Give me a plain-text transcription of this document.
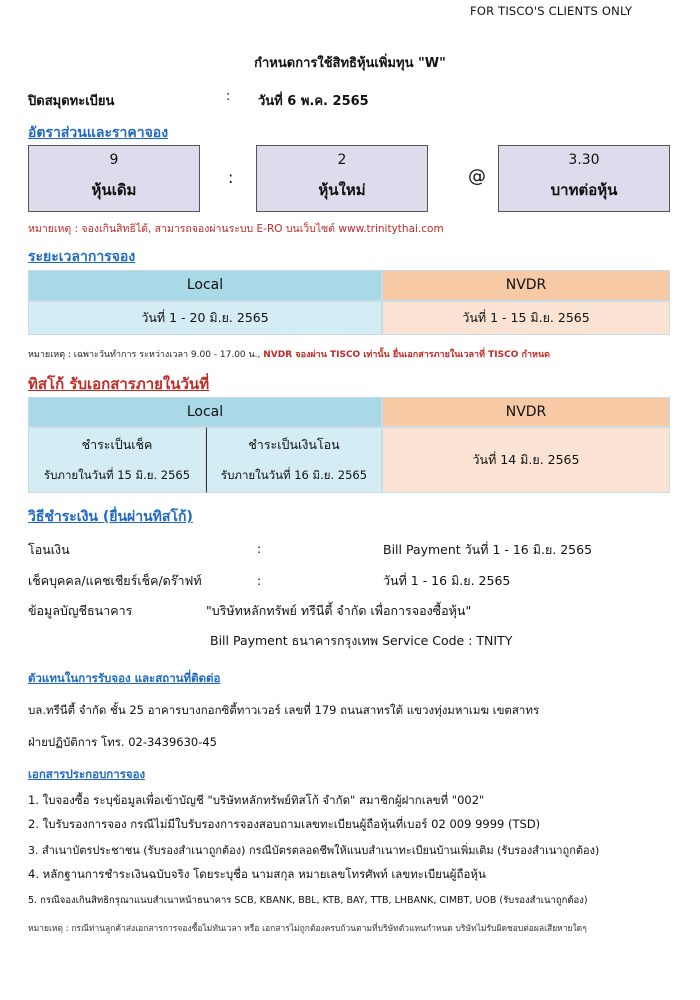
FOR TISCO'S CLIENTS ONLY
กำหนดการใช้สิทธิหุ้นเพิ่มทุน "W"
ปิดสมุดทะเบียน	: วันที่ 6 พ.ค. 2565
อัตราส่วนและราคาจอง
9
หุ้นเดิม
:
2
หุ้นใหม่
@
3.30
บาทต่อหุ้น
หมายเหตุ : จองเกินสิทธิได้, สามารถจองผ่านระบบ E-RO บนเว็บไซต์ www.trinitythai.com
ระยะเวลาการจอง
Local	NVDR
วันที่ 1 - 20 มิ.ย. 2565	วันที่ 1 - 15 มิ.ย. 2565
หมายเหตุ : เฉพาะวันทำการ ระหว่างเวลา 9.00 - 17.00 น., NVDR จองผ่าน TISCO เท่านั้น ยื่นเอกสารภายในเวลาที่ TISCO กำหนด
ทิสโก้ รับเอกสารภายในวันที่
Local	NVDR
ชำระเป็นเช็ค
รับภายในวันที่ 15 มิ.ย. 2565
ชำระเป็นเงินโอน
รับภายในวันที่ 16 มิ.ย. 2565
วันที่ 14 มิ.ย. 2565
วิธีชำระเงิน (ยื่นผ่านทิสโก้)
โอนเงิน	:	Bill Payment วันที่ 1 - 16 มิ.ย. 2565
เช็คบุคคล/แคชเชียร์เช็ค/ดร๊าฟท์	:	วันที่ 1 - 16 มิ.ย. 2565
ข้อมูลบัญชีธนาคาร	"บริษัทหลักทรัพย์ ทรีนีตี้ จำกัด เพื่อการจองซื้อหุ้น"
Bill Payment ธนาคารกรุงเทพ Service Code : TNITY
ตัวแทนในการรับจอง และสถานที่ติดต่อ
บล.ทรีนีตี้ จำกัด ชั้น 25 อาคารบางกอกซิตี้ทาวเวอร์ เลขที่ 179 ถนนสาทรใต้ แขวงทุ่งมหาเมฆ เขตสาทร
ฝ่ายปฏิบัติการ โทร. 02-3439630-45
เอกสารประกอบการจอง
1. ใบจองซื้อ ระบุข้อมูลเพื่อเข้าบัญชี "บริษัทหลักทรัพย์ทิสโก้ จำกัด" สมาชิกผู้ฝากเลขที่ "002"
2. ใบรับรองการจอง กรณีไม่มีใบรับรองการจองสอบถามเลขทะเบียนผู้ถือหุ้นที่เบอร์ 02 009 9999 (TSD)
3. สำเนาบัตรประชาชน (รับรองสำเนาถูกต้อง) กรณีบัตรตลอดชีพให้แนบสำเนาทะเบียนบ้านเพิ่มเติม (รับรองสำเนาถูกต้อง)
4. หลักฐานการชำระเงินฉบับจริง โดยระบุชื่อ นามสกุล หมายเลขโทรศัพท์ เลขทะเบียนผู้ถือหุ้น
5. กรณีจองเกินสิทธิกรุณาแนบสำเนาหน้าธนาคาร SCB, KBANK, BBL, KTB, BAY, TTB, LHBANK, CIMBT, UOB (รับรองสำเนาถูกต้อง)
หมายเหตุ : กรณีท่านลูกค้าส่งเอกสารการจองซื้อไม่ทันเวลา หรือ เอกสารไม่ถูกต้องครบถ้วนตามที่บริษัทตัวแทนกำหนด บริษัทไม่รับผิดชอบต่อผลเสียหายใดๆ
